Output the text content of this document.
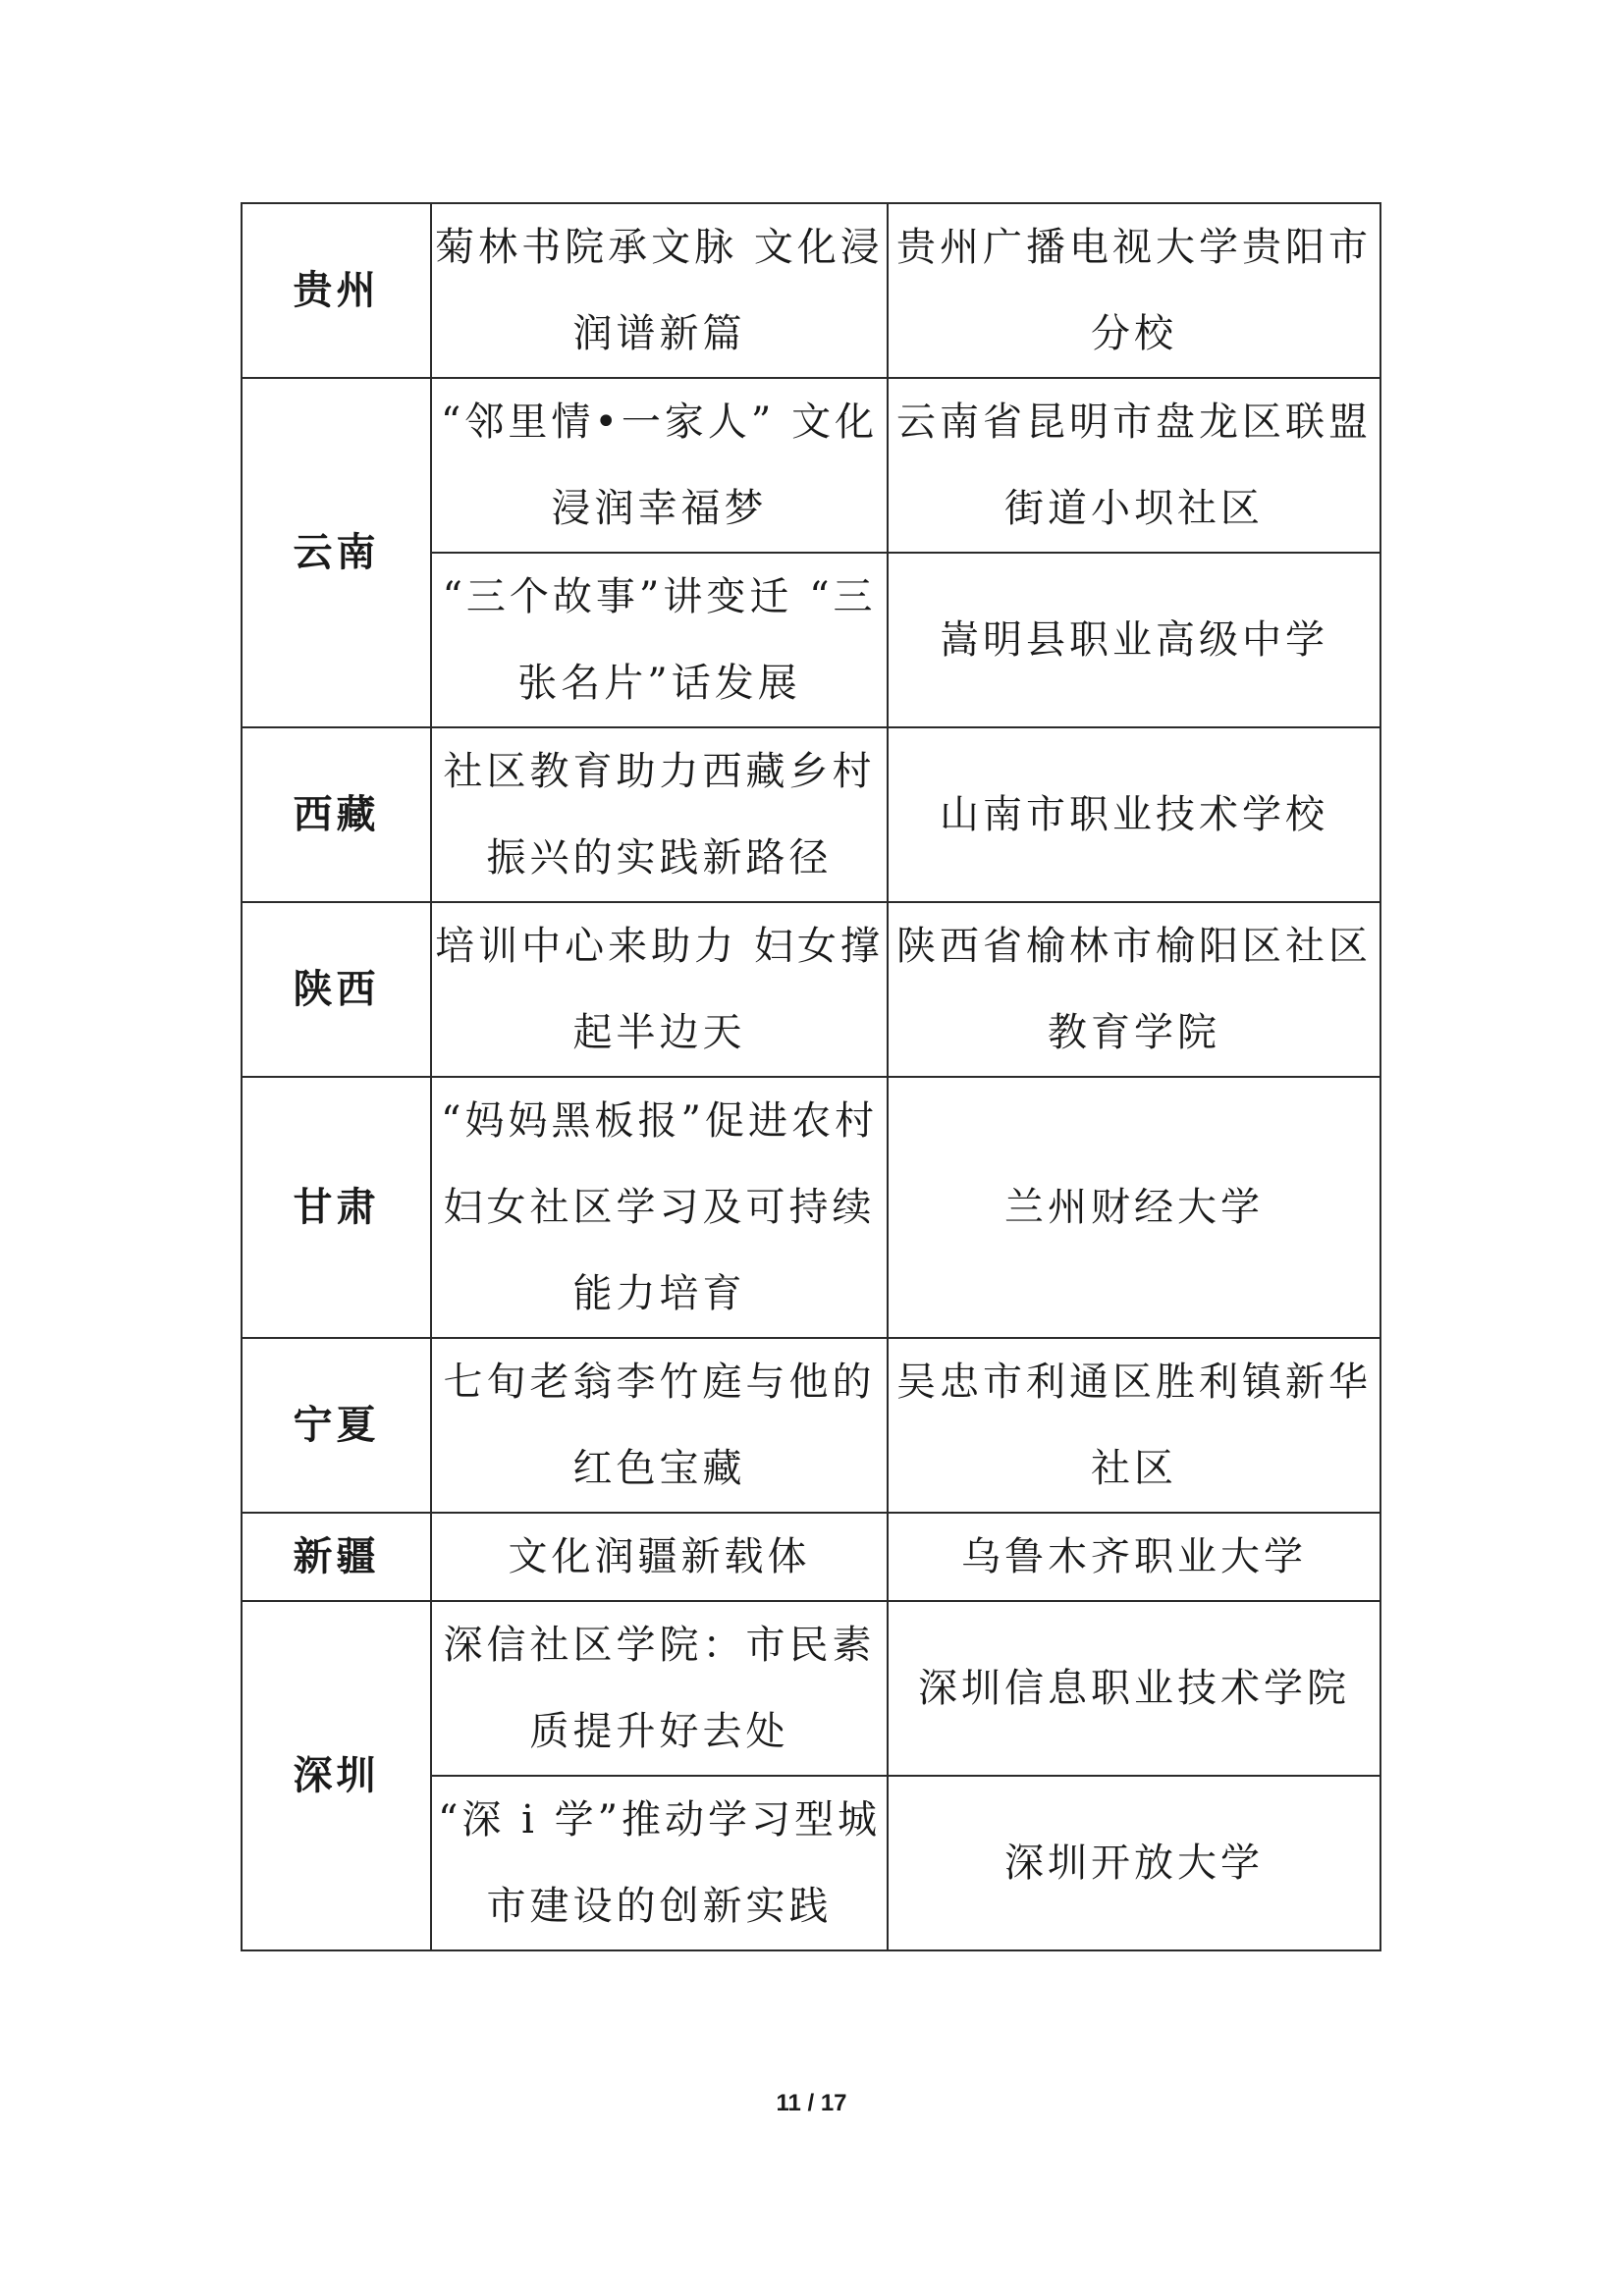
贵州	菊林书院承文脉 文化浸润谱新篇	贵州广播电视大学贵阳市分校
云南	“邻里情•一家人” 文化浸润幸福梦	云南省昆明市盘龙区联盟街道小坝社区
	“三个故事”讲变迁 “三张名片”话发展	嵩明县职业高级中学
西藏	社区教育助力西藏乡村振兴的实践新路径	山南市职业技术学校
陕西	培训中心来助力 妇女撑起半边天	陕西省榆林市榆阳区社区教育学院
甘肃	“妈妈黑板报”促进农村妇女社区学习及可持续能力培育	兰州财经大学
宁夏	七旬老翁李竹庭与他的红色宝藏	吴忠市利通区胜利镇新华社区
新疆	文化润疆新载体	乌鲁木齐职业大学
深圳	深信社区学院：市民素质提升好去处	深圳信息职业技术学院
	“深 i 学”推动学习型城市建设的创新实践	深圳开放大学
11 / 17
